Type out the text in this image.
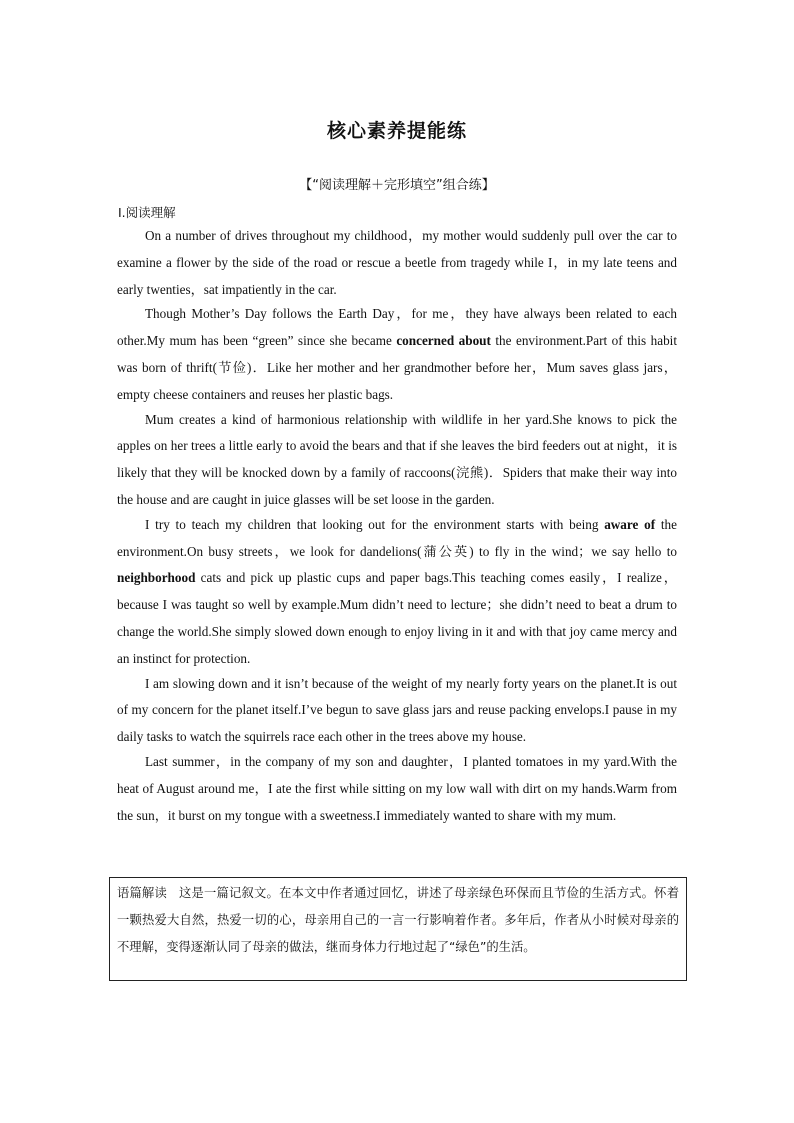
核心素养提能练
【“阅读理解＋完形填空”组合练】
Ⅰ.阅读理解

On a number of drives throughout my childhood，my mother would suddenly pull over the car to examine a flower by the side of the road or rescue a beetle from tragedy while I，in my late teens and early twenties，sat impatiently in the car.

Though Mother’s Day follows the Earth Day，for me，they have always been related to each other.My mum has been “green” since she became concerned about the environment.Part of this habit was born of thrift(节俭)．Like her mother and her grandmother before her，Mum saves glass jars，empty cheese containers and reuses her plastic bags.

Mum creates a kind of harmonious relationship with wildlife in her yard.She knows to pick the apples on her trees a little early to avoid the bears and that if she leaves the bird feeders out at night，it is likely that they will be knocked down by a family of raccoons(浣熊)．Spiders that make their way into the house and are caught in juice glasses will be set loose in the garden.

I try to teach my children that looking out for the environment starts with being aware of the environment.On busy streets，we look for dandelions(蒲公英) to fly in the wind；we say hello to neighborhood cats and pick up plastic cups and paper bags.This teaching comes easily，I realize，because I was taught so well by example.Mum didn’t need to lecture；she didn’t need to beat a drum to change the world.She simply slowed down enough to enjoy living in it and with that joy came mercy and an instinct for protection.

I am slowing down and it isn’t because of the weight of my nearly forty years on the planet.It is out of my concern for the planet itself.I’ve begun to save glass jars and reuse packing envelops.I pause in my daily tasks to watch the squirrels race each other in the trees above my house.

Last summer，in the company of my son and daughter，I planted tomatoes in my yard.With the heat of August around me，I ate the first while sitting on my low wall with dirt on my hands.Warm from the sun，it burst on my tongue with a sweetness.I immediately wanted to share with my mum.

语篇解读 这是一篇记叙文。在本文中作者通过回忆，讲述了母亲绿色环保而且节俭的生活方式。怀着一颗热爱大自然，热爱一切的心，母亲用自己的一言一行影响着作者。多年后，作者从小时候对母亲的不理解，变得逐渐认同了母亲的做法，继而身体力行地过起了“绿色”的生活。
